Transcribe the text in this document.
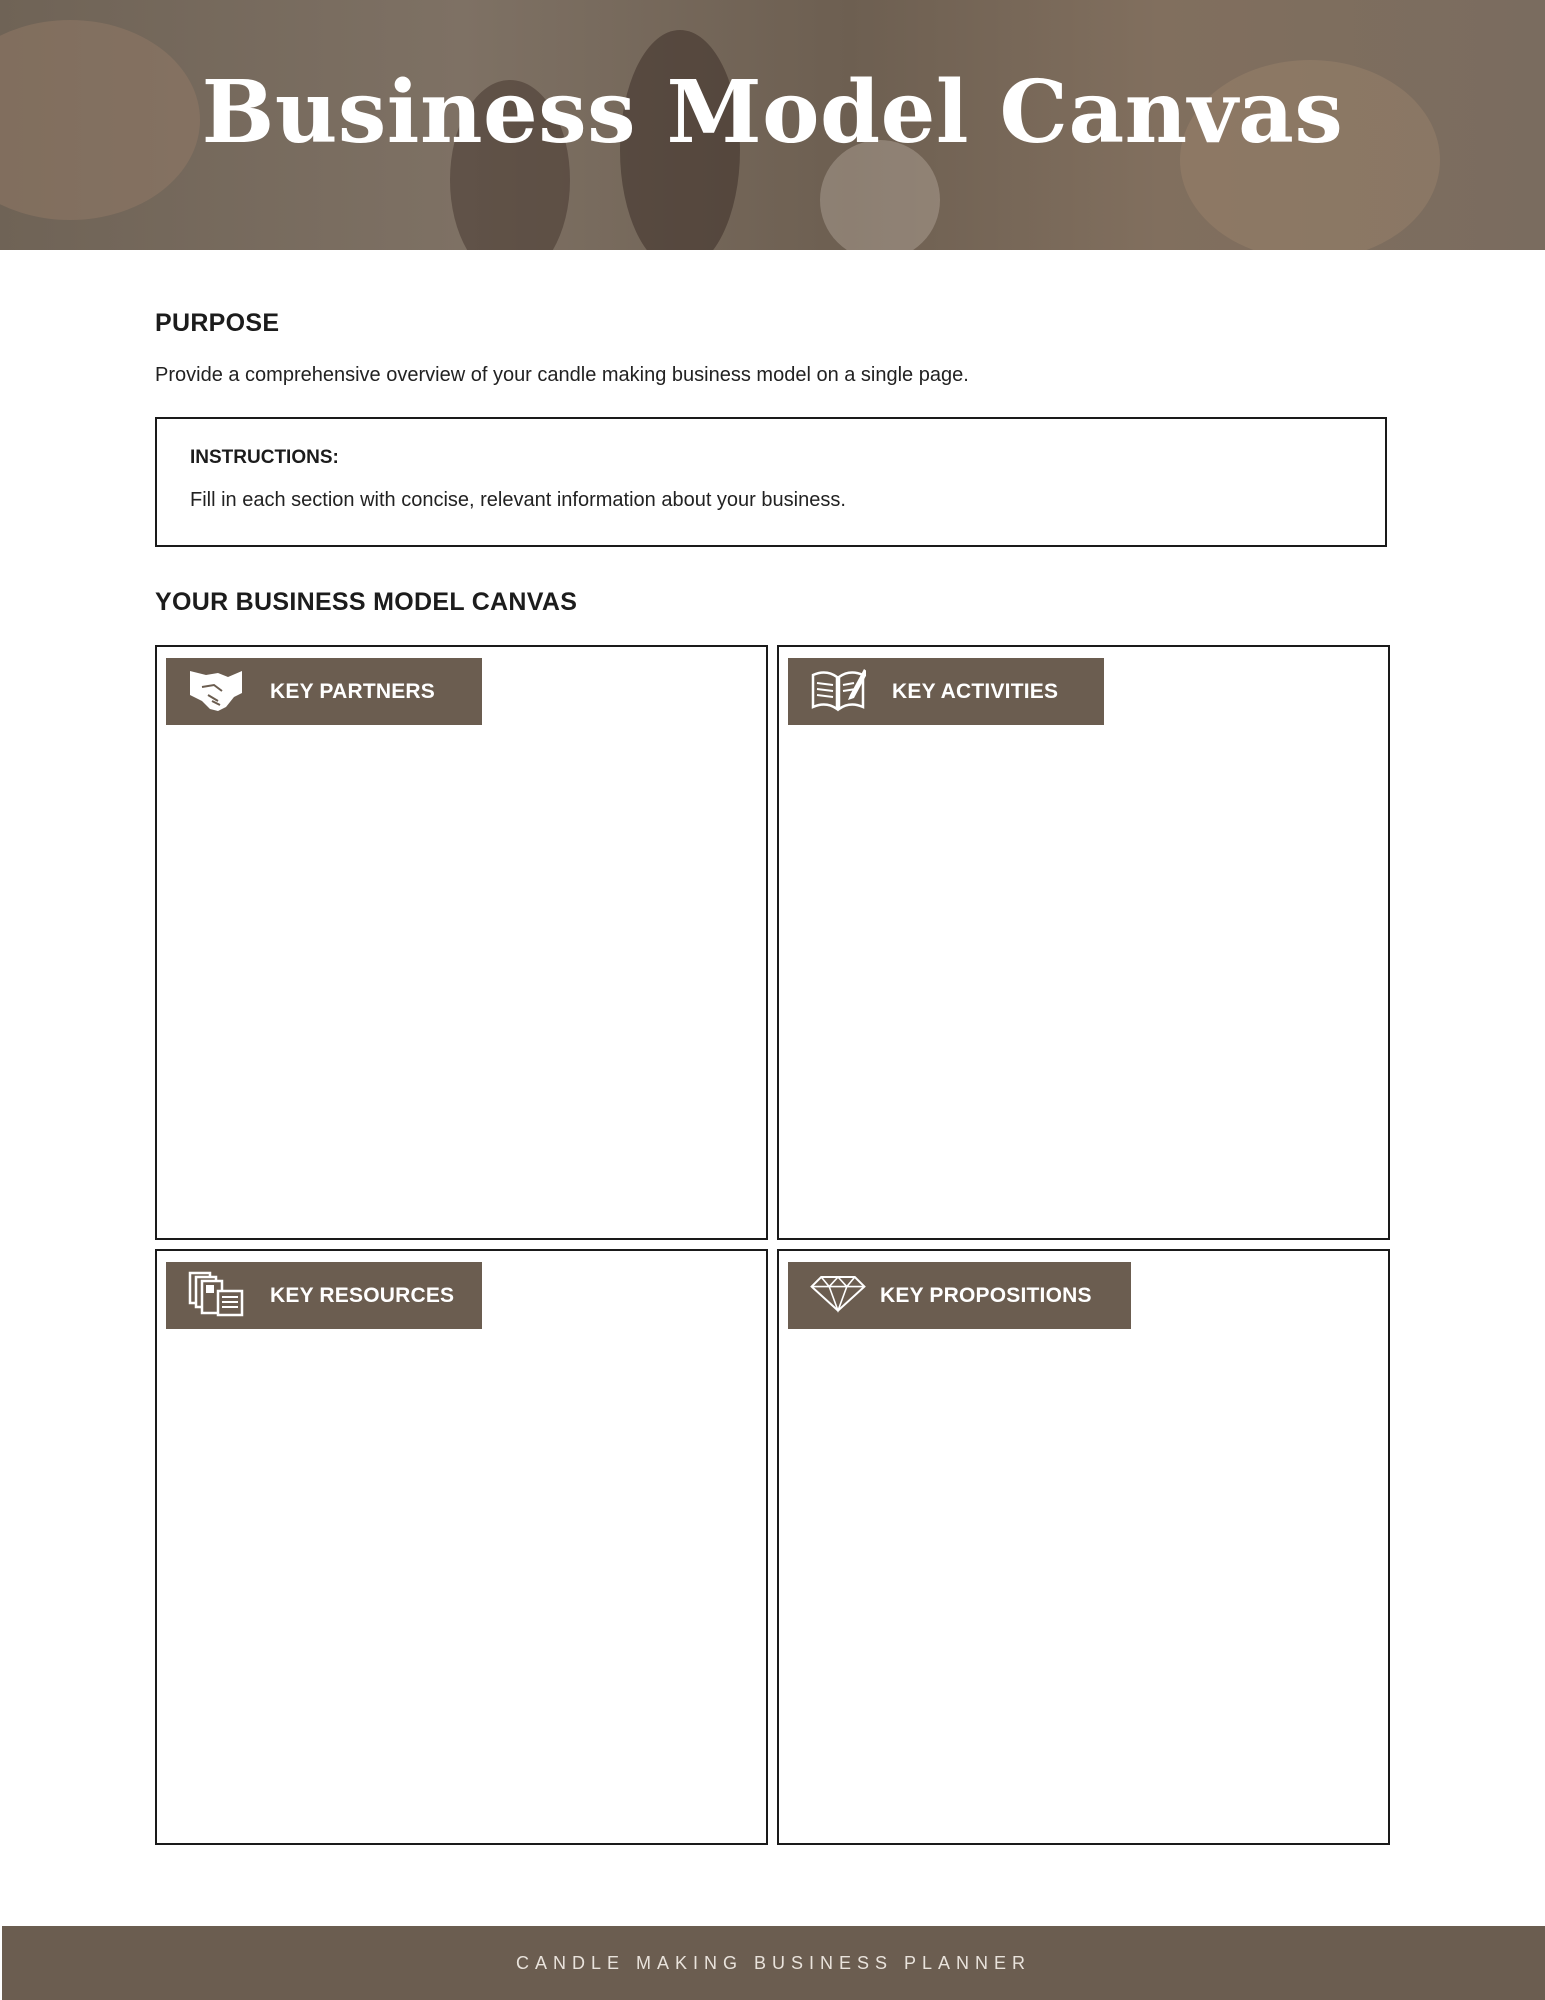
Business Model Canvas
PURPOSE
Provide a comprehensive overview of your candle making business model on a single page.
INSTRUCTIONS:
Fill in each section with concise, relevant information about your business.
YOUR BUSINESS MODEL CANVAS
KEY PARTNERS	KEY ACTIVITIES
KEY RESOURCES	KEY PROPOSITIONS
CANDLE MAKING BUSINESS PLANNER
